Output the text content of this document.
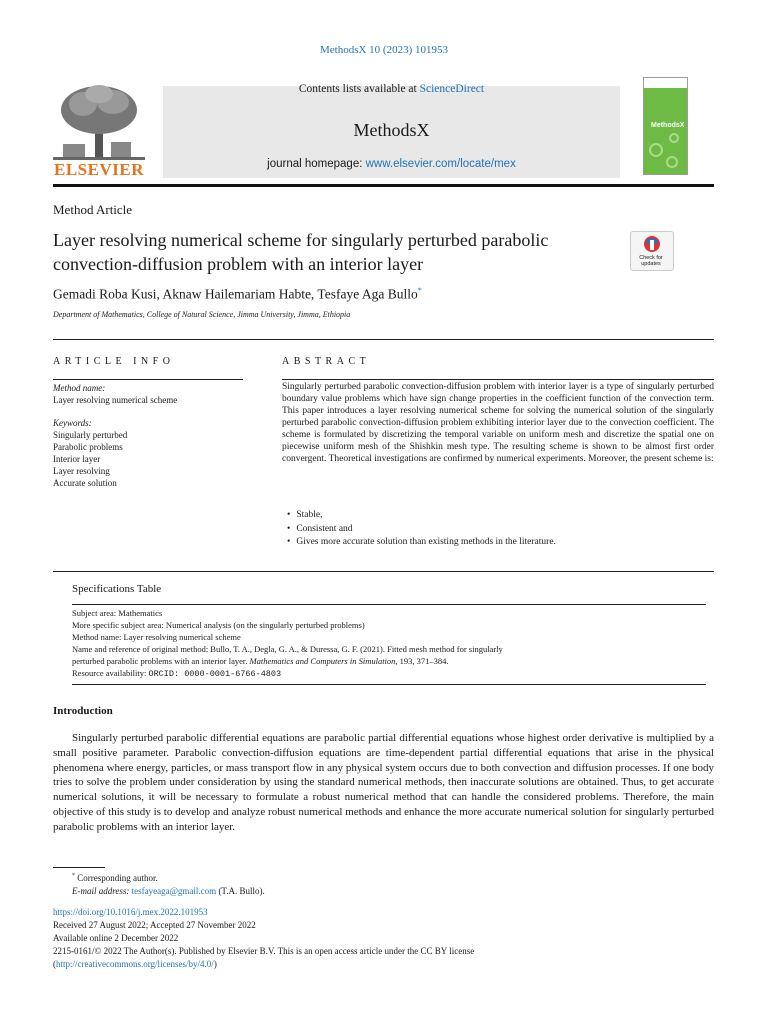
MethodsX 10 (2023) 101953
ELSEVIER
Contents lists available at ScienceDirect
MethodsX
journal homepage: www.elsevier.com/locate/mex
MethodsX
Method Article
Layer resolving numerical scheme for singularly perturbed parabolic convection-diffusion problem with an interior layer	Check for updates
Gemadi Roba Kusi, Aknaw Hailemariam Habte, Tesfaye Aga Bullo*
Department of Mathematics, College of Natural Science, Jimma University, Jimma, Ethiopia
ARTICLE INFO
Method name:
Layer resolving numerical scheme
Keywords:
Singularly perturbed
Parabolic problems
Interior layer
Layer resolving
Accurate solution
ABSTRACT
Singularly perturbed parabolic convection-diffusion problem with interior layer is a type of singularly perturbed boundary value problems which have sign change properties in the coefficient function of the convection term. This paper introduces a layer resolving numerical scheme for solving the numerical solution of the singularly perturbed parabolic convection-diffusion problem exhibiting interior layer due to the convection coefficient. The scheme is formulated by discretizing the temporal variable on uniform mesh and discretize the spatial one on piecewise uniform mesh of the Shishkin mesh type. The resulting scheme is shown to be almost first order convergent. Theoretical investigations are confirmed by numerical experiments. Moreover, the present scheme is:
• Stable,
• Consistent and
• Gives more accurate solution than existing methods in the literature.
Specifications Table
Subject area: Mathematics
More specific subject area: Numerical analysis (on the singularly perturbed problems)
Method name: Layer resolving numerical scheme
Name and reference of original method: Bullo, T. A., Degla, G. A., & Duressa, G. F. (2021). Fitted mesh method for singularly
perturbed parabolic problems with an interior layer. Mathematics and Computers in Simulation, 193, 371–384.
Resource availability: ORCID: 0000-0001-6766-4803
Introduction
Singularly perturbed parabolic differential equations are parabolic partial differential equations whose highest order derivative is multiplied by a small positive parameter. Parabolic convection-diffusion equations are time-dependent partial differential equations that arise in the physical phenomena where energy, particles, or mass transport flow in any physical system occurs due to both convection and diffusion processes. If one body tries to solve the problem under consideration by using the standard numerical methods, then inaccurate solutions are obtained. Thus, to get accurate numerical solutions, it will be necessary to formulate a robust numerical method that can handle the considered problems. Therefore, the main objective of this study is to develop and analyze robust numerical methods and enhance the more accurate numerical solution for singularly perturbed parabolic problems with an interior layer.
* Corresponding author.
E-mail address: tesfayeaga@gmail.com (T.A. Bullo).
https://doi.org/10.1016/j.mex.2022.101953
Received 27 August 2022; Accepted 27 November 2022
Available online 2 December 2022
2215-0161/© 2022 The Author(s). Published by Elsevier B.V. This is an open access article under the CC BY license
(http://creativecommons.org/licenses/by/4.0/)
